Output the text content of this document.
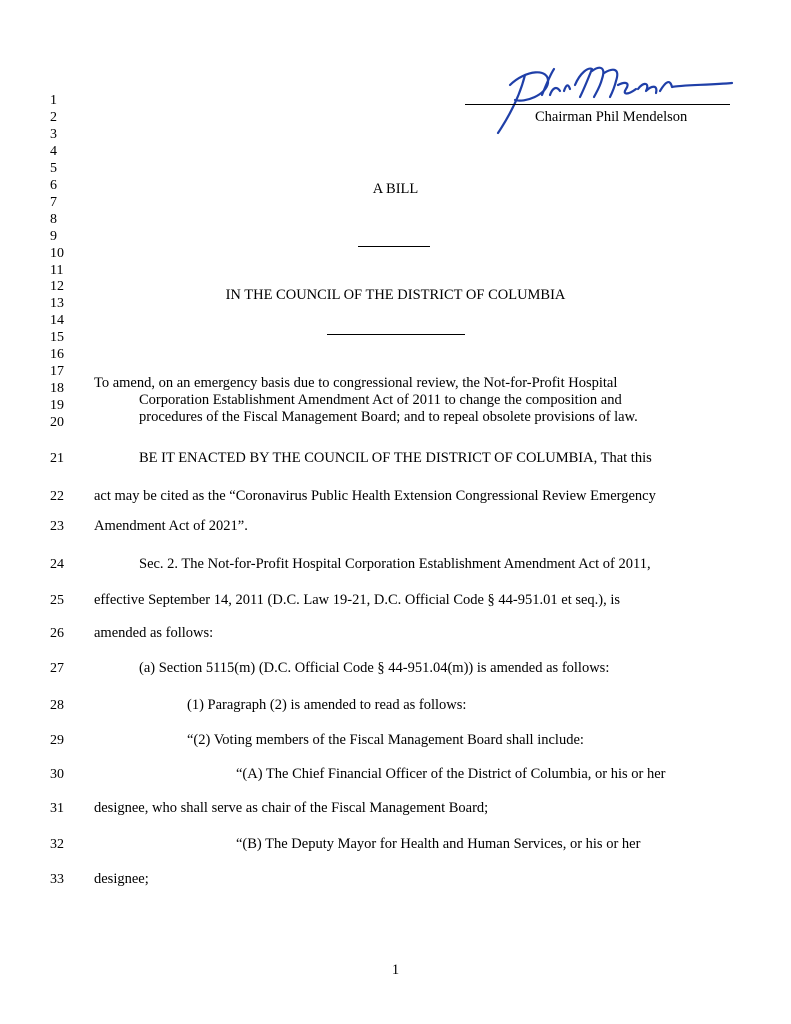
Chairman Phil Mendelson
1
2
3
4
5
6
7
8
9
10
11
12
13
14
15
16
17
18
19
20
A BILL
IN THE COUNCIL OF THE DISTRICT OF COLUMBIA
To amend, on an emergency basis due to congressional review, the Not-for-Profit Hospital
Corporation Establishment Amendment Act of 2011 to change the composition and
procedures of the Fiscal Management Board; and to repeal obsolete provisions of law.
21	BE IT ENACTED BY THE COUNCIL OF THE DISTRICT OF COLUMBIA, That this
22	act may be cited as the “Coronavirus Public Health Extension Congressional Review Emergency
23	Amendment Act of 2021”.
24	Sec. 2. The Not-for-Profit Hospital Corporation Establishment Amendment Act of 2011,
25	effective September 14, 2011 (D.C. Law 19-21, D.C. Official Code § 44-951.01 et seq.), is
26	amended as follows:
27	(a) Section 5115(m) (D.C. Official Code § 44-951.04(m)) is amended as follows:
28	(1) Paragraph (2) is amended to read as follows:
29	“(2) Voting members of the Fiscal Management Board shall include:
30	“(A) The Chief Financial Officer of the District of Columbia, or his or her
31	designee, who shall serve as chair of the Fiscal Management Board;
32	“(B) The Deputy Mayor for Health and Human Services, or his or her
33	designee;
1
